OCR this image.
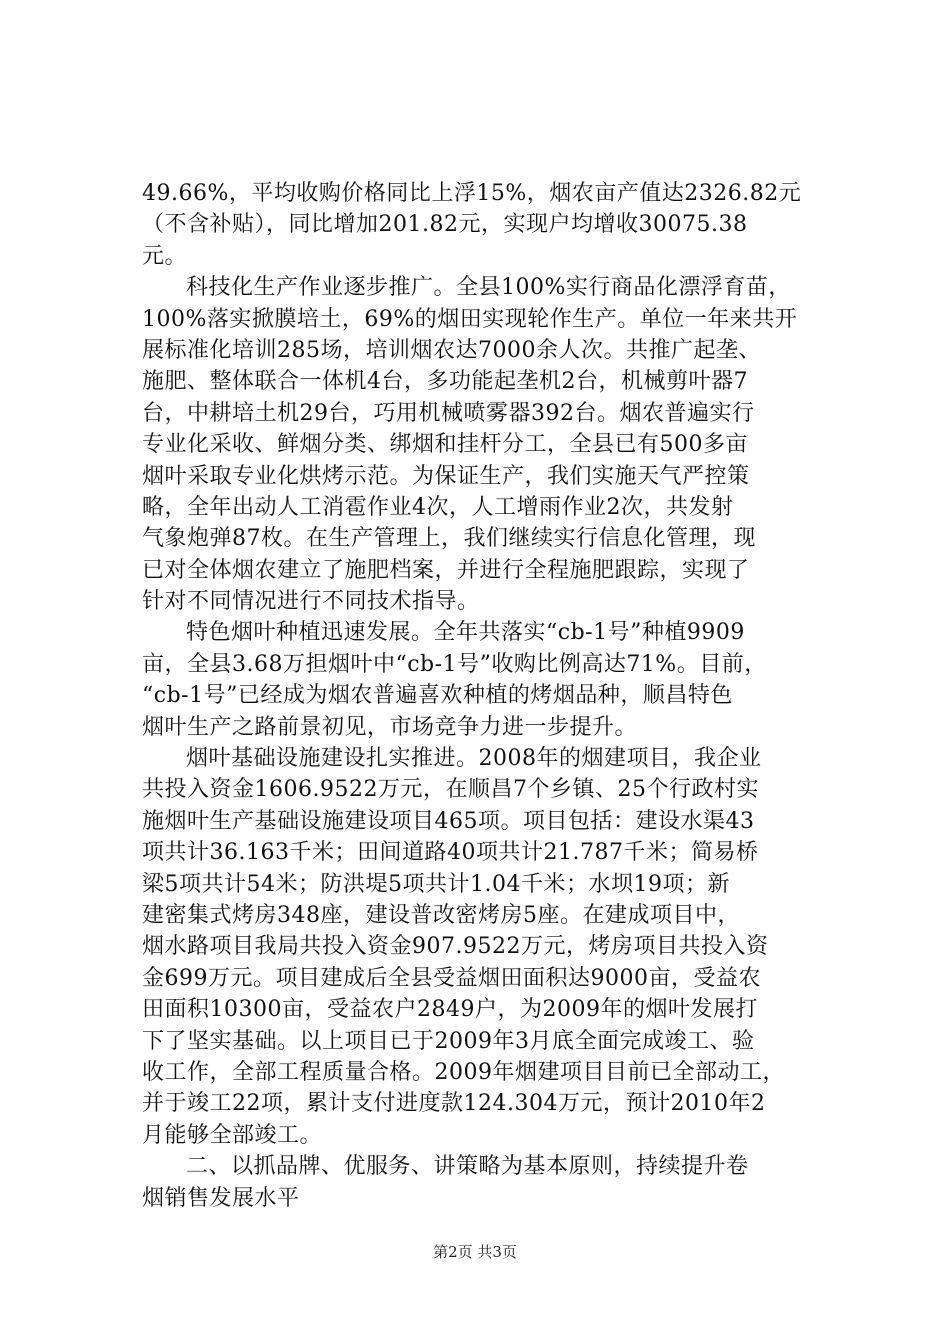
49.66%，平均收购价格同比上浮15%，烟农亩产值达2326.82元
（不含补贴），同比增加201.82元，实现户均增收30075.38
元。
科技化生产作业逐步推广。全县100%实行商品化漂浮育苗，
100%落实掀膜培土，69%的烟田实现轮作生产。单位一年来共开
展标准化培训285场，培训烟农达7000余人次。共推广起垄、
施肥、整体联合一体机4台，多功能起垄机2台，机械剪叶器7
台，中耕培土机29台，巧用机械喷雾器392台。烟农普遍实行
专业化采收、鲜烟分类、绑烟和挂杆分工，全县已有500多亩
烟叶采取专业化烘烤示范。为保证生产，我们实施天气严控策
略，全年出动人工消雹作业4次，人工增雨作业2次，共发射
气象炮弹87枚。在生产管理上，我们继续实行信息化管理，现
已对全体烟农建立了施肥档案，并进行全程施肥跟踪，实现了
针对不同情况进行不同技术指导。
特色烟叶种植迅速发展。全年共落实“cb-1号”种植9909
亩，全县3.68万担烟叶中“cb-1号”收购比例高达71%。目前，
“cb-1号”已经成为烟农普遍喜欢种植的烤烟品种，顺昌特色
烟叶生产之路前景初见，市场竞争力进一步提升。
烟叶基础设施建设扎实推进。2008年的烟建项目，我企业
共投入资金1606.9522万元，在顺昌7个乡镇、25个行政村实
施烟叶生产基础设施建设项目465项。项目包括：建设水渠43
项共计36.163千米；田间道路40项共计21.787千米；简易桥
梁5项共计54米；防洪堤5项共计1.04千米；水坝19项；新
建密集式烤房348座，建设普改密烤房5座。在建成项目中，
烟水路项目我局共投入资金907.9522万元，烤房项目共投入资
金699万元。项目建成后全县受益烟田面积达9000亩，受益农
田面积10300亩，受益农户2849户，为2009年的烟叶发展打
下了坚实基础。以上项目已于2009年3月底全面完成竣工、验
收工作，全部工程质量合格。2009年烟建项目目前已全部动工，
并于竣工22项，累计支付进度款124.304万元，预计2010年2
月能够全部竣工。
二、以抓品牌、优服务、讲策略为基本原则，持续提升卷
烟销售发展水平
第2页 共3页
